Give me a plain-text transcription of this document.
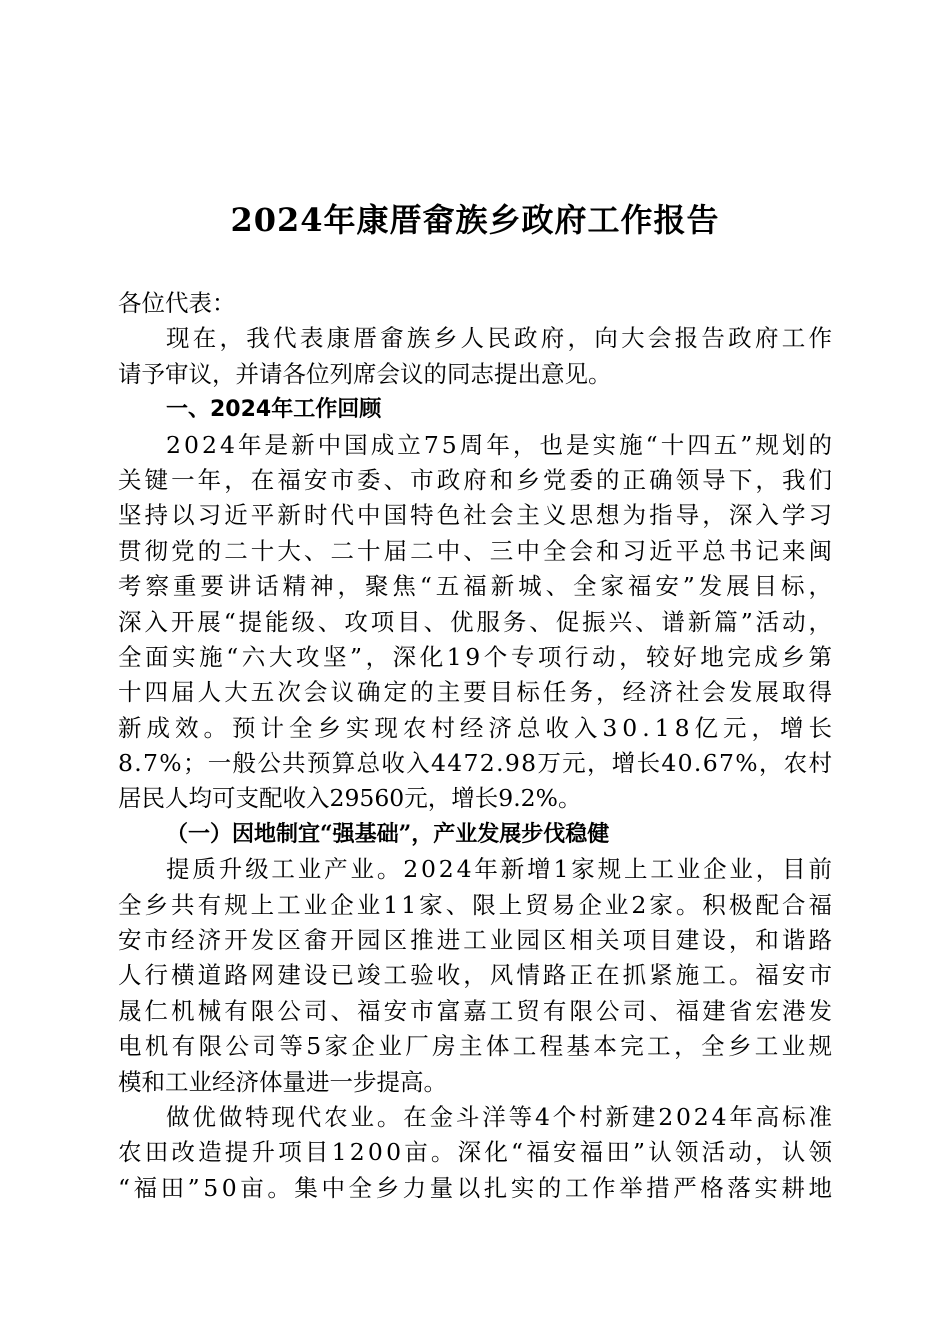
2024年康厝畲族乡政府工作报告
各位代表：
现在，我代表康厝畲族乡人民政府，向大会报告政府工作
请予审议，并请各位列席会议的同志提出意见。
一、2024年工作回顾
2024年是新中国成立75周年，也是实施“十四五”规划的
关键一年，在福安市委、市政府和乡党委的正确领导下，我们
坚持以习近平新时代中国特色社会主义思想为指导，深入学习
贯彻党的二十大、二十届二中、三中全会和习近平总书记来闽
考察重要讲话精神，聚焦“五福新城、全家福安”发展目标，
深入开展“提能级、攻项目、优服务、促振兴、谱新篇”活动，
全面实施“六大攻坚”，深化19个专项行动，较好地完成乡第
十四届人大五次会议确定的主要目标任务，经济社会发展取得
新成效。预计全乡实现农村经济总收入30.18亿元，增长
8.7%；一般公共预算总收入4472.98万元，增长40.67%，农村
居民人均可支配收入29560元，增长9.2%。
（一）因地制宜“强基础”，产业发展步伐稳健
提质升级工业产业。2024年新增1家规上工业企业，目前
全乡共有规上工业企业11家、限上贸易企业2家。积极配合福
安市经济开发区畲开园区推进工业园区相关项目建设，和谐路
人行横道路网建设已竣工验收，风情路正在抓紧施工。福安市
晟仁机械有限公司、福安市富嘉工贸有限公司、福建省宏港发
电机有限公司等5家企业厂房主体工程基本完工，全乡工业规
模和工业经济体量进一步提高。
做优做特现代农业。在金斗洋等4个村新建2024年高标准
农田改造提升项目1200亩。深化“福安福田”认领活动，认领
“福田”50亩。集中全乡力量以扎实的工作举措严格落实耕地
